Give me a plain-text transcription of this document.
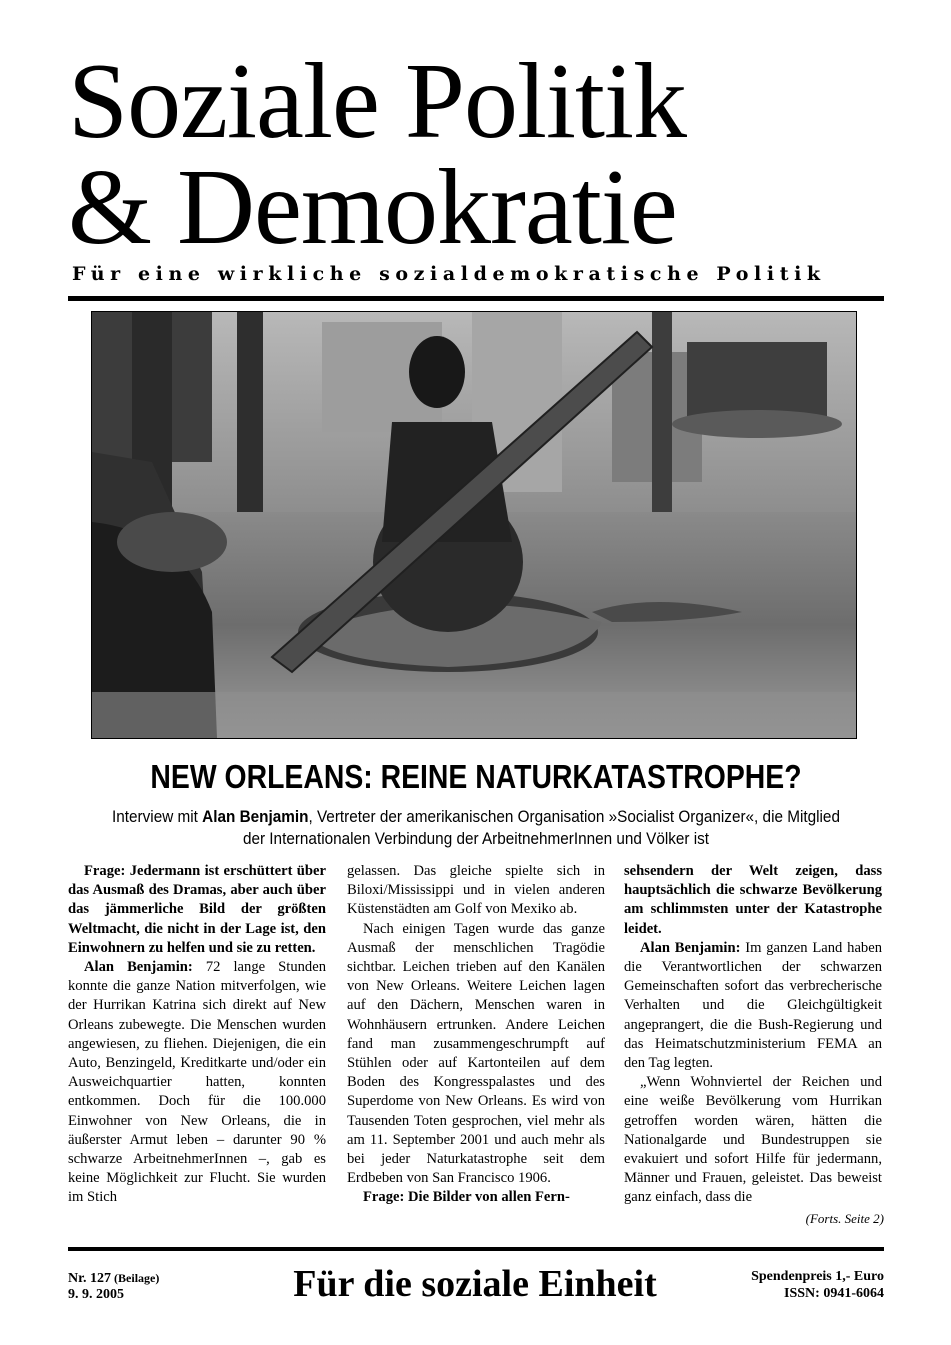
Soziale Politik
& Demokratie
Für eine wirkliche sozialdemokratische Politik
NEW ORLEANS: REINE NATURKATASTROPHE?
Interview mit Alan Benjamin, Vertreter der amerikanischen Organisation »Socialist Organizer«, die Mitglied der Internationalen Verbindung der ArbeitnehmerInnen und Völker ist

Frage: Jedermann ist erschüttert über das Ausmaß des Dramas, aber auch über das jämmerliche Bild der größten Weltmacht, die nicht in der Lage ist, den Einwohnern zu helfen und sie zu retten.

Alan Benjamin: 72 lange Stunden konnte die ganze Nation mitverfolgen, wie der Hurrikan Katrina sich direkt auf New Orleans zubewegte. Die Menschen wurden angewiesen, zu fliehen. Diejenigen, die ein Auto, Benzingeld, Kreditkarte und/oder ein Ausweichquartier hatten, konnten entkommen. Doch für die 100.000 Einwohner von New Orleans, die in äußerster Armut leben – darunter 90 % schwarze ArbeitnehmerInnen –, gab es keine Möglichkeit zur Flucht. Sie wurden im Stich

gelassen. Das gleiche spielte sich in Biloxi/Mississippi und in vielen anderen Küstenstädten am Golf von Mexiko ab.

Nach einigen Tagen wurde das ganze Ausmaß der menschlichen Tragödie sichtbar. Leichen trieben auf den Kanälen von New Orleans. Weitere Leichen lagen auf den Dächern, Menschen waren in Wohnhäusern ertrunken. Andere Leichen fand man zusammengeschrumpft auf Stühlen oder auf Kartonteilen auf dem Boden des Kongresspalastes und des Superdome von New Orleans. Es wird von Tausenden Toten gesprochen, viel mehr als am 11. September 2001 und auch mehr als bei jeder Naturkatastrophe seit dem Erdbeben von San Francisco 1906.

Frage: Die Bilder von allen Fern-

sehsendern der Welt zeigen, dass hauptsächlich die schwarze Bevölkerung am schlimmsten unter der Katastrophe leidet.

Alan Benjamin: Im ganzen Land haben die Verantwortlichen der schwarzen Gemeinschaften sofort das verbrecherische Verhalten und die Gleichgültigkeit angeprangert, die die Bush-Regierung und das Heimatschutzministerium FEMA an den Tag legten.

„Wenn Wohnviertel der Reichen und eine weiße Bevölkerung vom Hurrikan getroffen worden wären, hätten die Nationalgarde und Bundestruppen sie evakuiert und sofort Hilfe für jedermann, Männer und Frauen, geleistet. Das beweist ganz einfach, dass die

(Forts. Seite 2)
Nr. 127 (Beilage)
9. 9. 2005	Für die soziale Einheit	Spendenpreis 1,- Euro
ISSN: 0941-6064
